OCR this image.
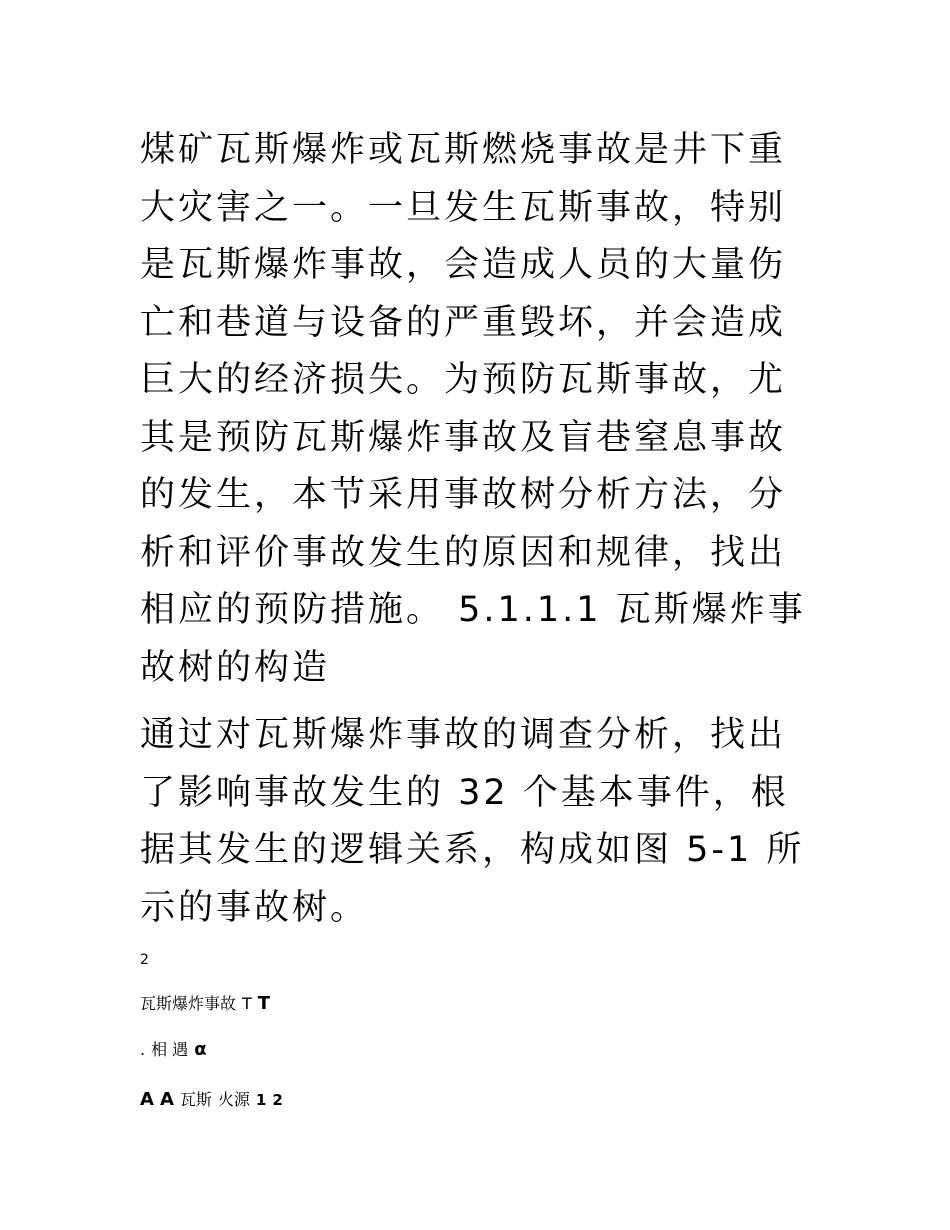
煤矿瓦斯爆炸或瓦斯燃烧事故是井下重大灾害之一。一旦发生瓦斯事故，特别是瓦斯爆炸事故，会造成人员的大量伤亡和巷道与设备的严重毁坏，并会造成巨大的经济损失。为预防瓦斯事故，尤其是预防瓦斯爆炸事故及盲巷窒息事故的发生，本节采用事故树分析方法，分析和评价事故发生的原因和规律，找出相应的预防措施。 5.1.1.1 瓦斯爆炸事故树的构造

通过对瓦斯爆炸事故的调查分析，找出了影响事故发生的 32 个基本事件，根据其发生的逻辑关系，构成如图 5-1 所示的事故树。

2

瓦斯爆炸事故 T T

. 相 遇 α

A A 瓦斯 火源 1 2
